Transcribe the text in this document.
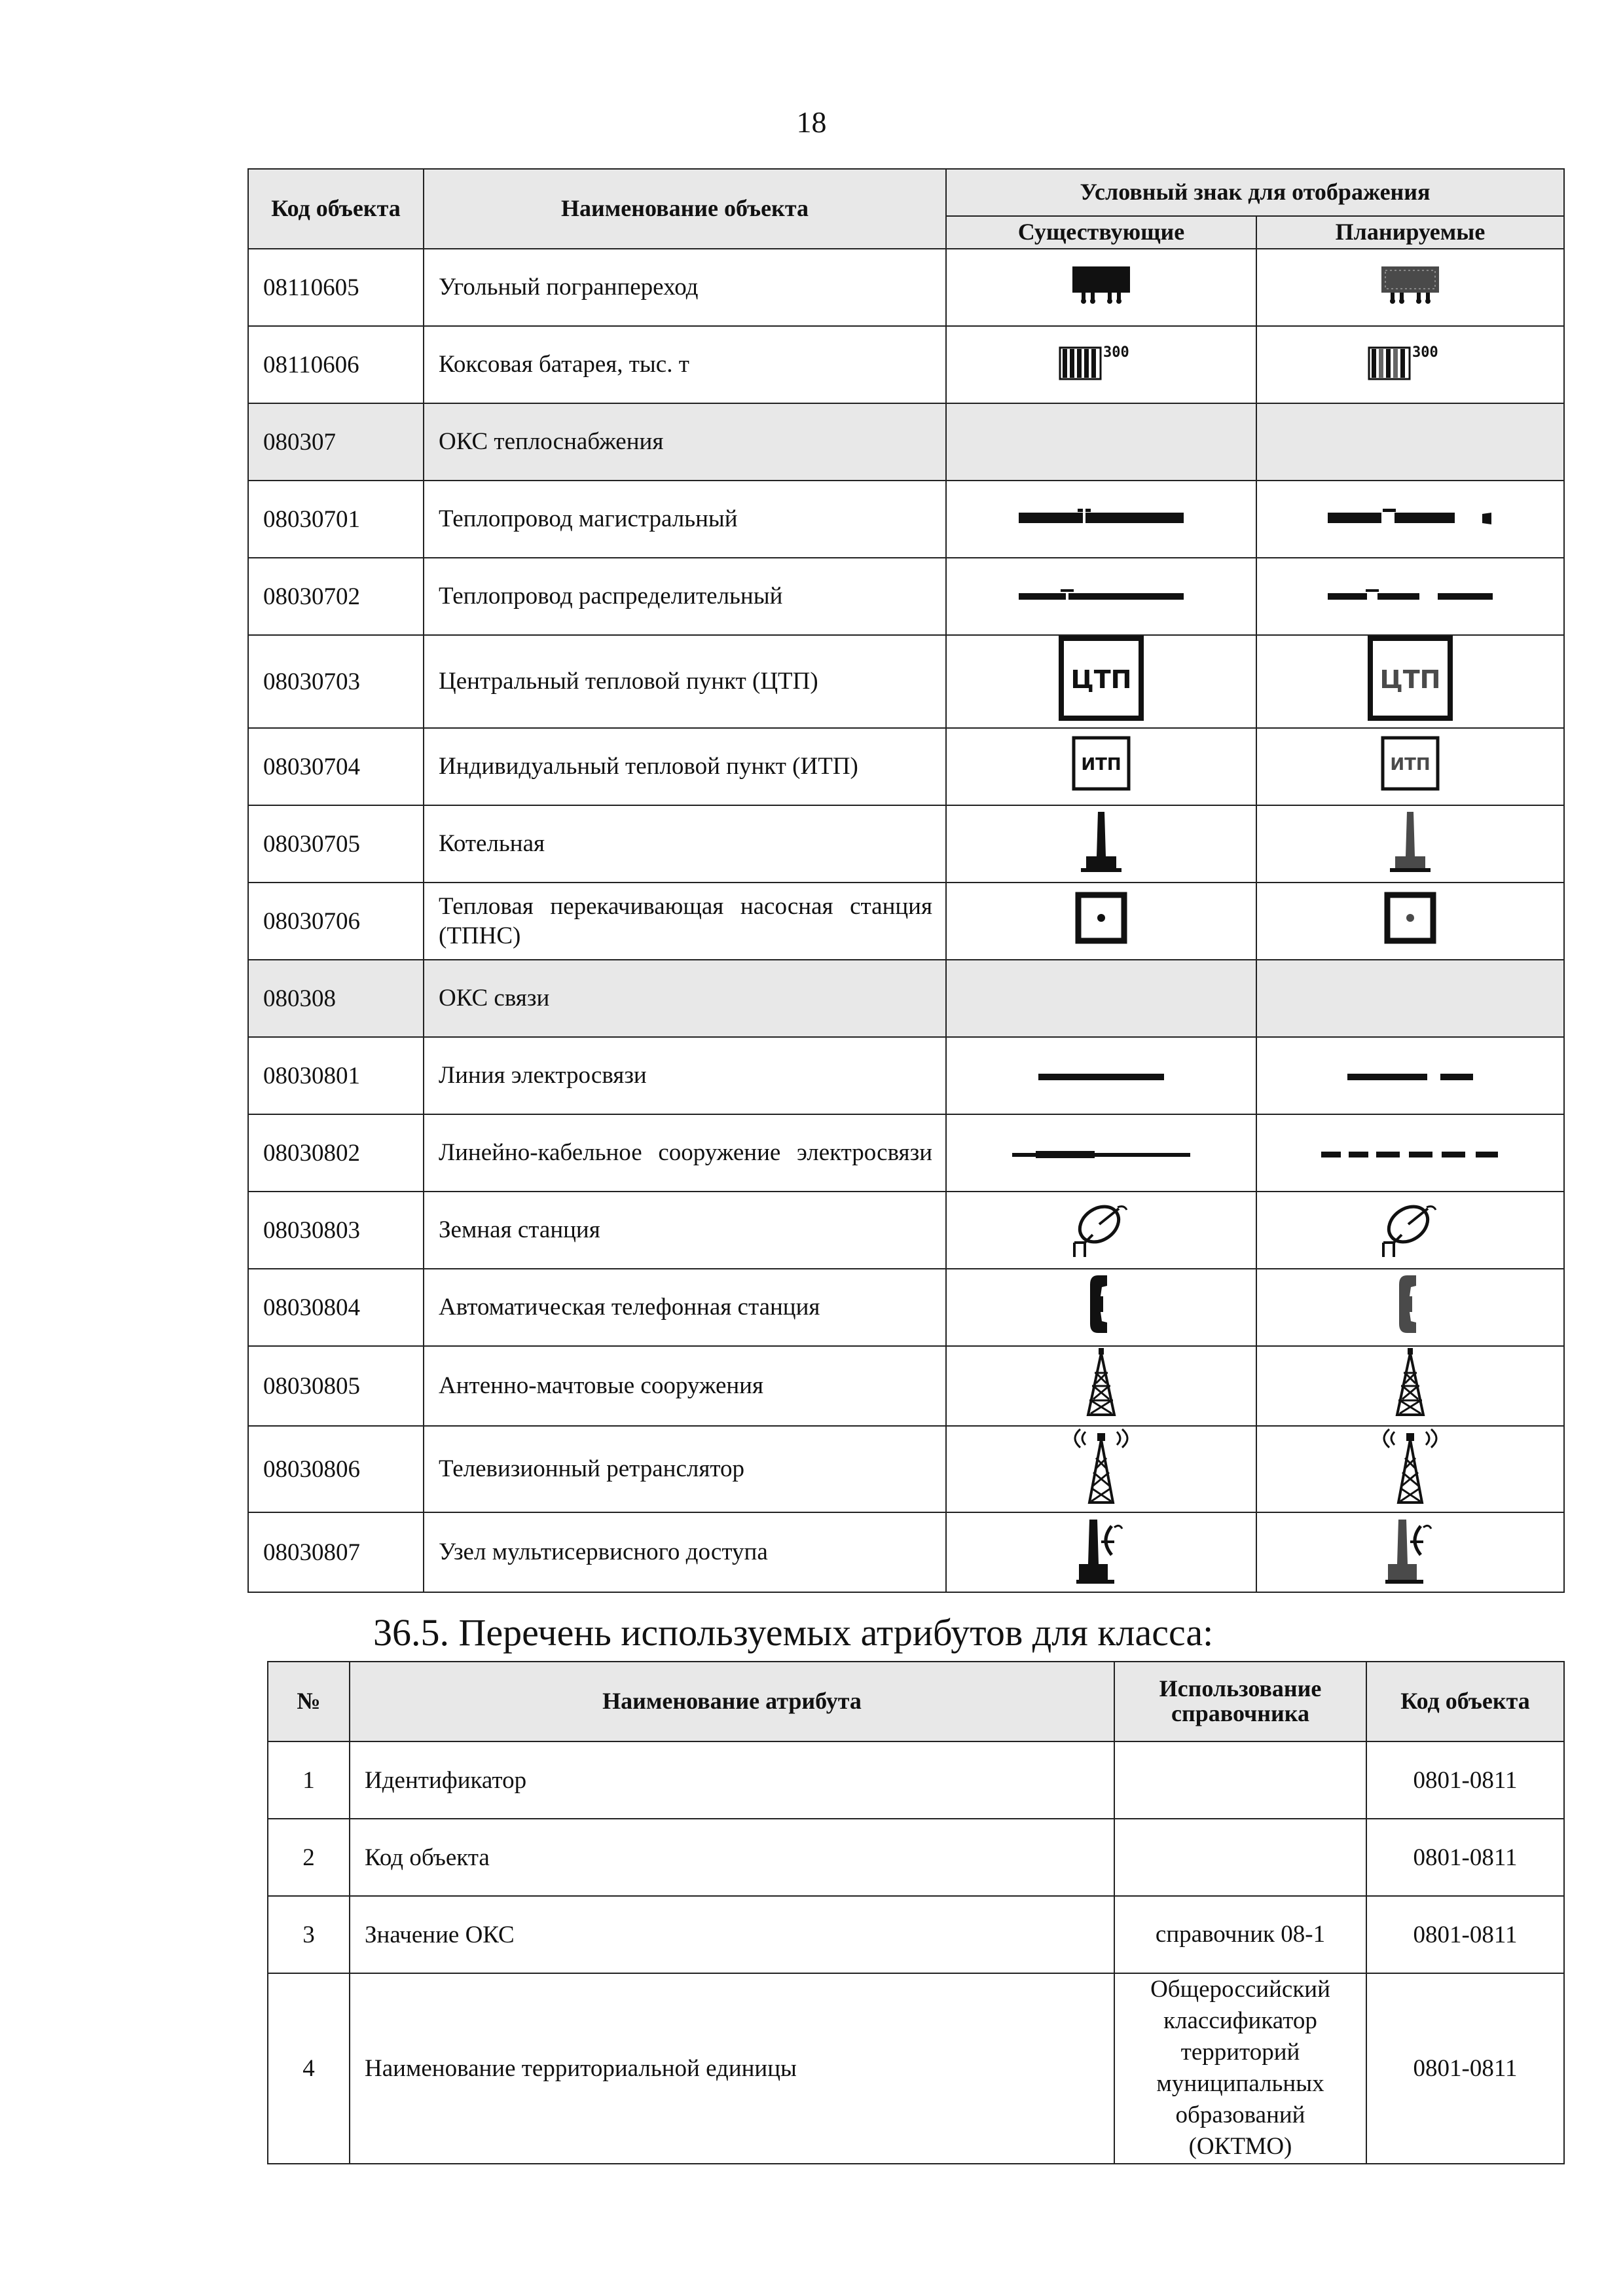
18
Код объекта	Наименование объекта	Условный знак для отображения	
		Существующие	Планируемые
08110605	Угольный погранпереход	

08110606	Коксовая батарея, тыс. т	300	300

080307	ОКС теплоснабжения		
08030701	Теплопровод магистральный	

08030702	Теплопровод распределительный	

08030703	Центральный тепловой пункт (ЦТП)	ЦТП	ЦТП

08030704	Индивидуальный тепловой пункт (ИТП)	ИТП	ИТП

08030705	Котельная	

08030706	Тепловая перекачивающая насосная станция (ТПНС)	

080308	ОКС связи		
08030801	Линия электросвязи	

08030802	Линейно-кабельное сооружение электросвязи	

08030803	Земная станция	

08030804	Автоматическая телефонная станция	

08030805	Антенно-мачтовые сооружения	

08030806	Телевизионный ретранслятор	

08030807	Узел мультисервисного доступа	

36.5. Перечень используемых атрибутов для класса:
№	Наименование атрибута	Использование справочника	Код объекта
1	Идентификатор		0801-0811
2	Код объекта		0801-0811
3	Значение ОКС	справочник 08-1	0801-0811
4	Наименование территориальной единицы	Общероссийский классификатор территорий муниципальных образований (ОКТМО)	0801-0811
